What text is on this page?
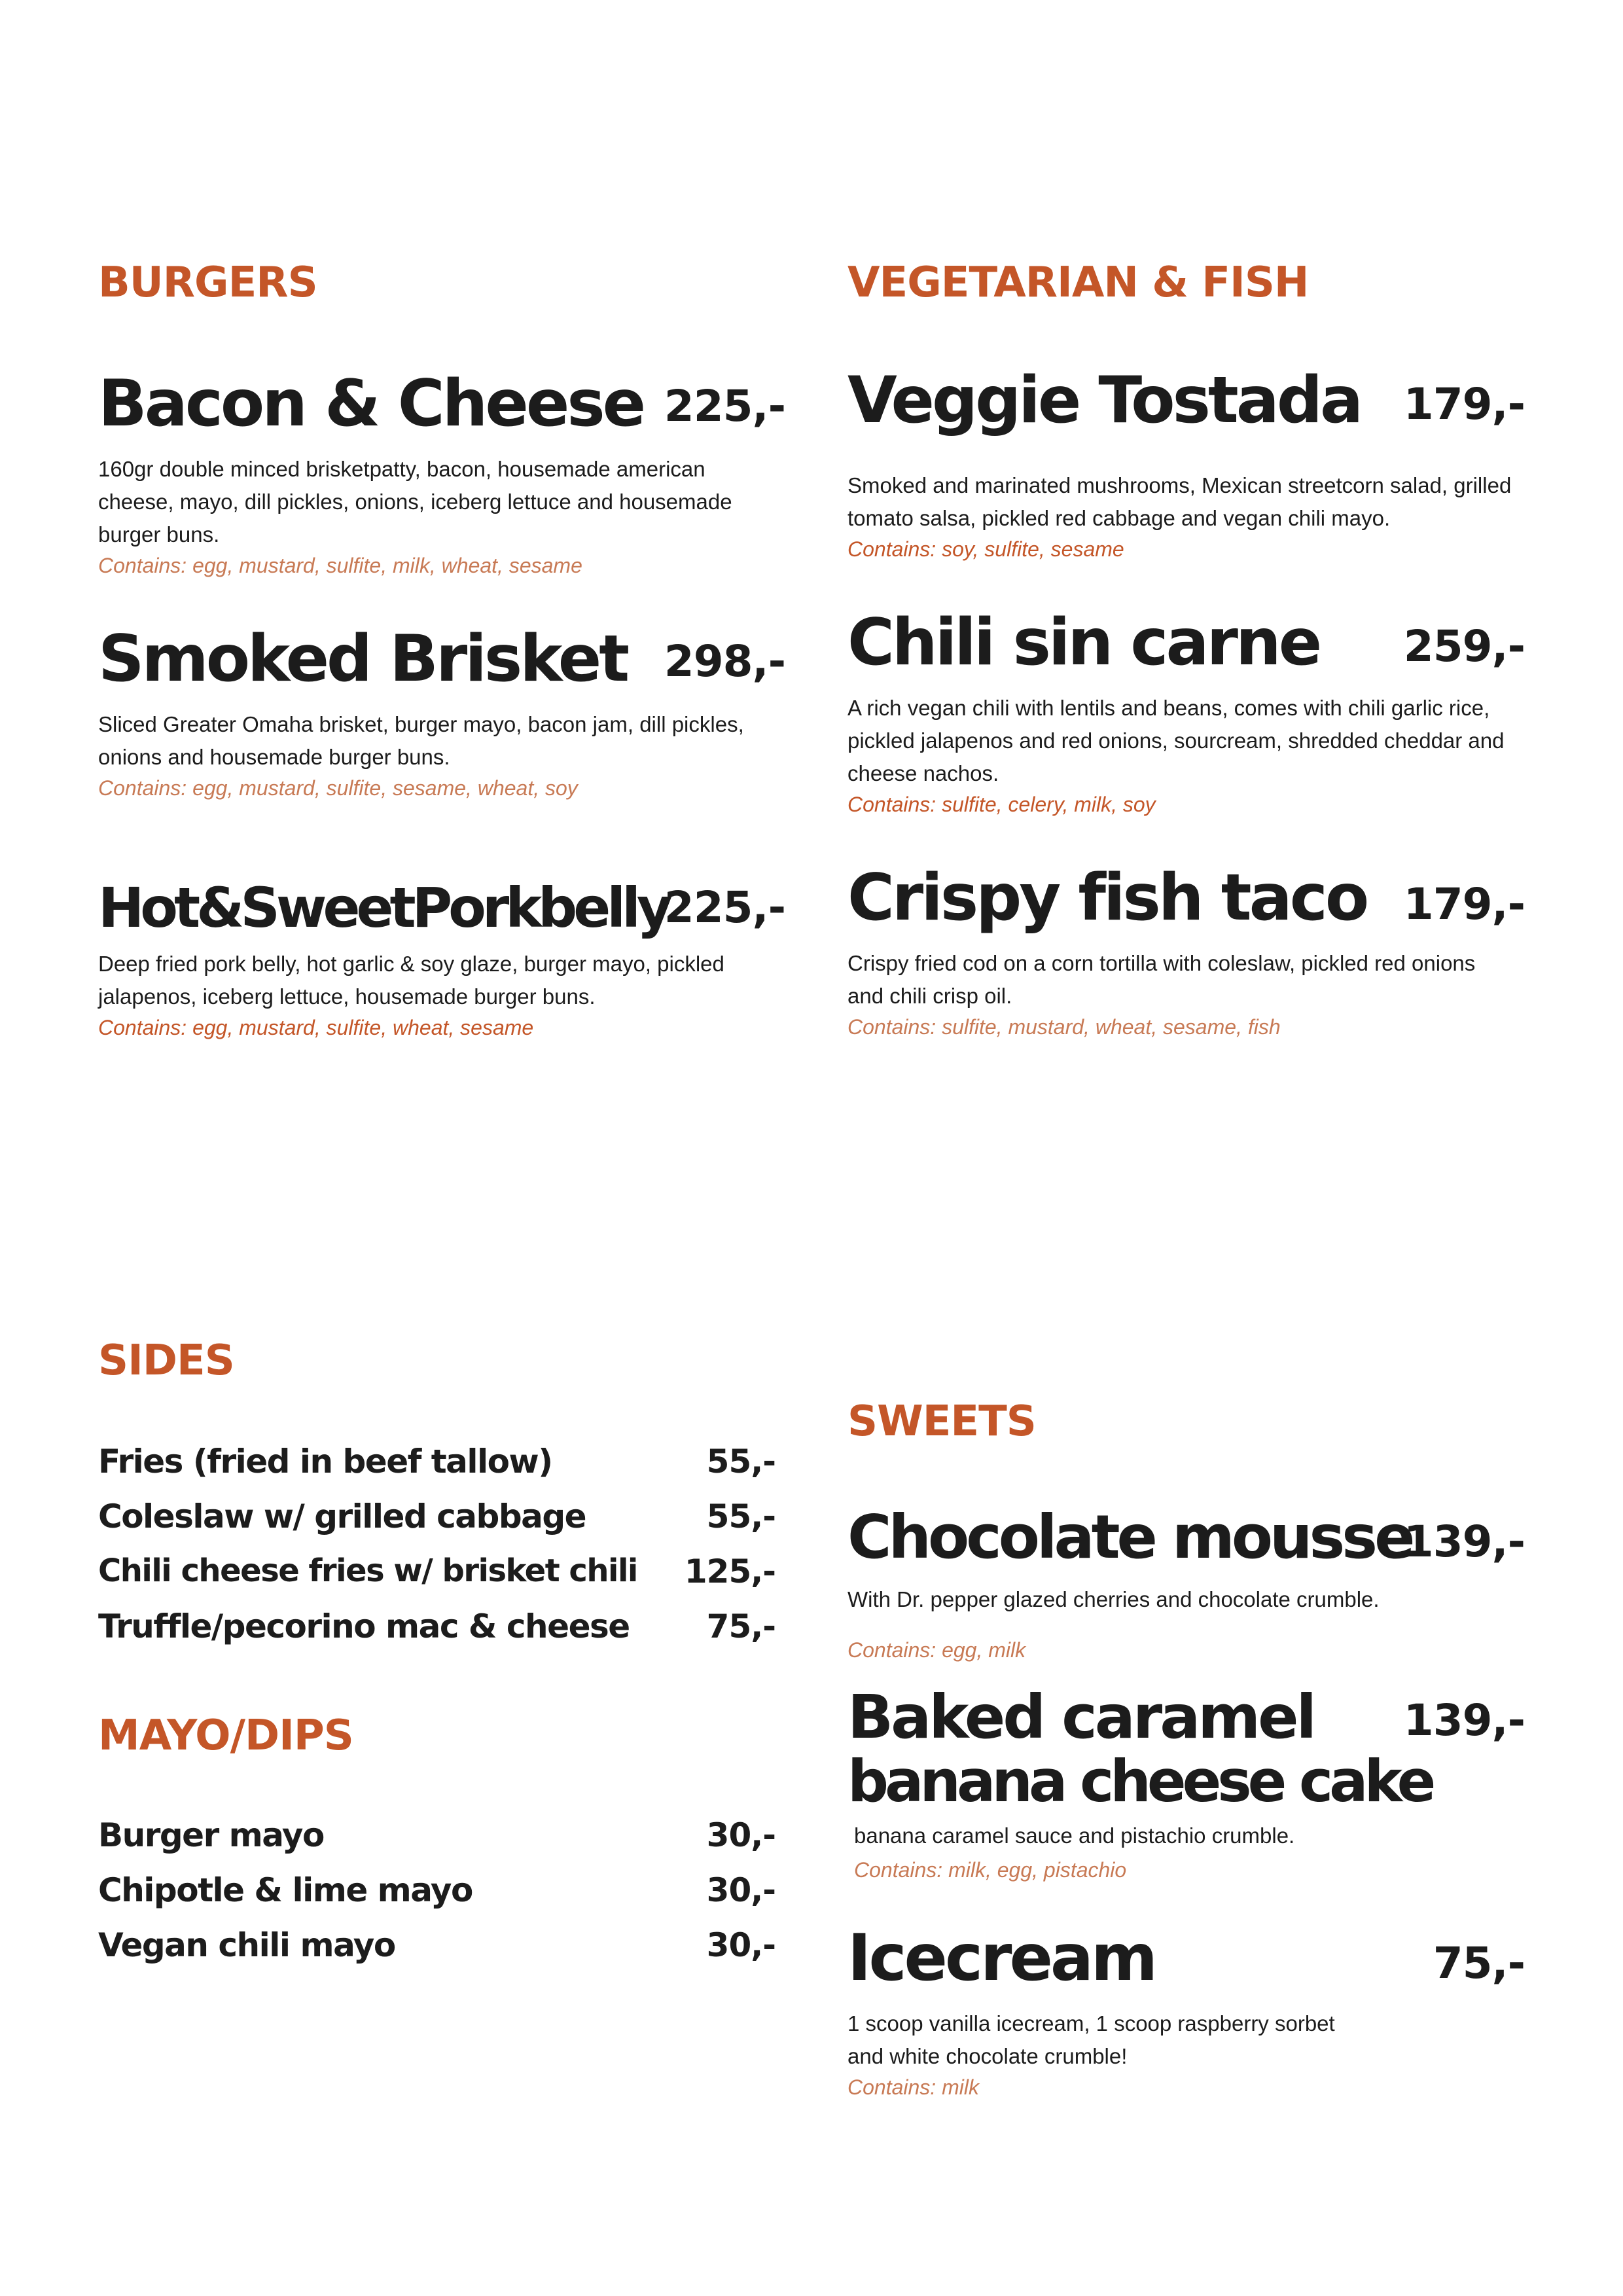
BURGERS
Bacon & Cheese 225,-
160gr double minced brisketpatty, bacon, housemade american cheese, mayo, dill pickles, onions, iceberg lettuce and housemade burger buns.
Contains: egg, mustard, sulfite, milk, wheat, sesame
Smoked Brisket 298,-
Sliced Greater Omaha brisket, burger mayo, bacon jam, dill pickles, onions and housemade burger buns.
Contains: egg, mustard, sulfite, sesame, wheat, soy
Hot&SweetPorkbelly
225,-
Deep fried pork belly, hot garlic & soy glaze, burger mayo, pickled jalapenos, iceberg lettuce, housemade burger buns.
Contains: egg, mustard, sulfite, wheat, sesame
VEGETARIAN & FISH
Veggie Tostada 179,-
Smoked and marinated mushrooms, Mexican streetcorn salad, grilled tomato salsa, pickled red cabbage and vegan chili mayo.
Contains: soy, sulfite, sesame
Chili sin carne 259,-
A rich vegan chili with lentils and beans, comes with chili garlic rice, pickled jalapenos and red onions, sourcream, shredded cheddar and cheese nachos.
Contains: sulfite, celery, milk, soy
Crispy fish taco 179,-
Crispy fried cod on a corn tortilla with coleslaw, pickled red onions and chili crisp oil.
Contains: sulfite, mustard, wheat, sesame, fish
SIDES
Fries (fried in beef tallow)	55,-
Coleslaw w/ grilled cabbage	55,-
Chili cheese fries w/ brisket chili 125,-
Truffle/pecorino mac & cheese 75,-
MAYO/DIPS
Burger mayo	30,-
Chipotle & lime mayo	30,-
Vegan chili mayo	30,-
SWEETS
Chocolate mousse
139,-
With Dr. pepper glazed cherries and chocolate crumble.
Contains: egg, milk
Baked caramel
banana cheese cake
139,-
banana caramel sauce and pistachio crumble.
Contains: milk, egg, pistachio
Icecream	75,-
1 scoop vanilla icecream, 1 scoop raspberry sorbet and white chocolate crumble!
Contains: milk
